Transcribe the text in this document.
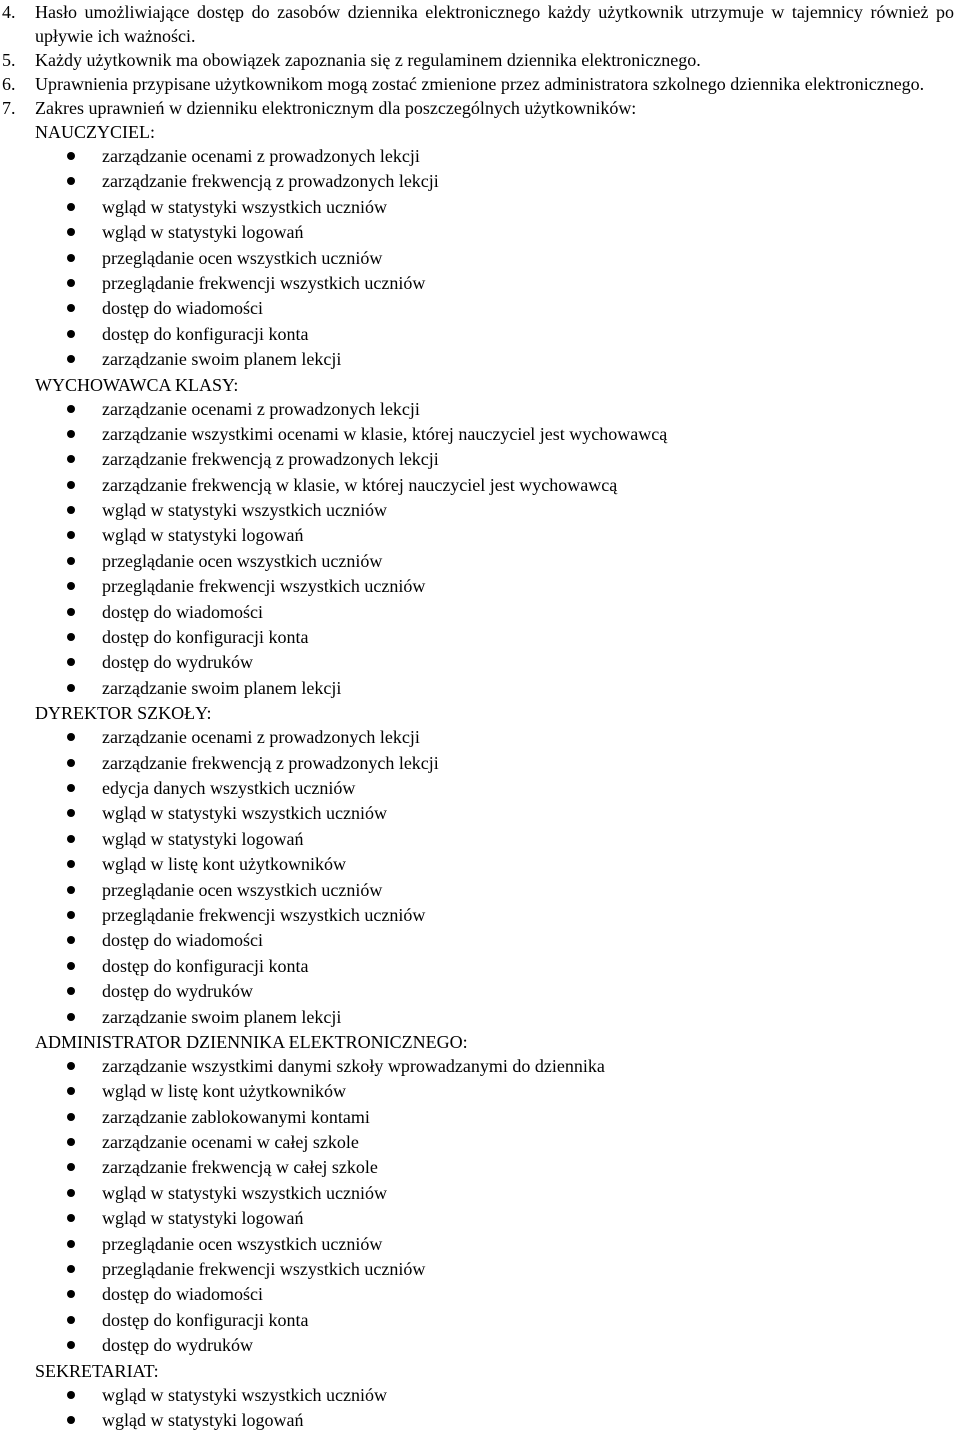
4. Hasło umożliwiające dostęp do zasobów dziennika elektronicznego każdy użytkownik utrzymuje w tajemnicy również po upływie ich ważności.
5. Każdy użytkownik ma obowiązek zapoznania się z regulaminem dziennika elektronicznego.
6. Uprawnienia przypisane użytkownikom mogą zostać zmienione przez administratora szkolnego dziennika elektronicznego.
7. Zakres uprawnień w dzienniku elektronicznym dla poszczególnych użytkowników:
NAUCZYCIEL:
zarządzanie ocenami z prowadzonych lekcji
zarządzanie frekwencją z prowadzonych lekcji
wgląd w statystyki wszystkich uczniów
wgląd w statystyki logowań
przeglądanie ocen wszystkich uczniów
przeglądanie frekwencji wszystkich uczniów
dostęp do wiadomości
dostęp do konfiguracji konta
zarządzanie swoim planem lekcji
WYCHOWAWCA KLASY:
zarządzanie ocenami z prowadzonych lekcji
zarządzanie wszystkimi ocenami w klasie, której nauczyciel jest wychowawcą
zarządzanie frekwencją z prowadzonych lekcji
zarządzanie frekwencją w klasie, w której nauczyciel jest wychowawcą
wgląd w statystyki wszystkich uczniów
wgląd w statystyki logowań
przeglądanie ocen wszystkich uczniów
przeglądanie frekwencji wszystkich uczniów
dostęp do wiadomości
dostęp do konfiguracji konta
dostęp do wydruków
zarządzanie swoim planem lekcji
DYREKTOR SZKOŁY:
zarządzanie ocenami z prowadzonych lekcji
zarządzanie frekwencją z prowadzonych lekcji
edycja danych wszystkich uczniów
wgląd w statystyki wszystkich uczniów
wgląd w statystyki logowań
wgląd w listę kont użytkowników
przeglądanie ocen wszystkich uczniów
przeglądanie frekwencji wszystkich uczniów
dostęp do wiadomości
dostęp do konfiguracji konta
dostęp do wydruków
zarządzanie swoim planem lekcji
ADMINISTRATOR DZIENNIKA ELEKTRONICZNEGO:
zarządzanie wszystkimi danymi szkoły wprowadzanymi do dziennika
wgląd w listę kont użytkowników
zarządzanie zablokowanymi kontami
zarządzanie ocenami w całej szkole
zarządzanie frekwencją w całej szkole
wgląd w statystyki wszystkich uczniów
wgląd w statystyki logowań
przeglądanie ocen wszystkich uczniów
przeglądanie frekwencji wszystkich uczniów
dostęp do wiadomości
dostęp do konfiguracji konta
dostęp do wydruków
SEKRETARIAT:
wgląd w statystyki wszystkich uczniów
wgląd w statystyki logowań
